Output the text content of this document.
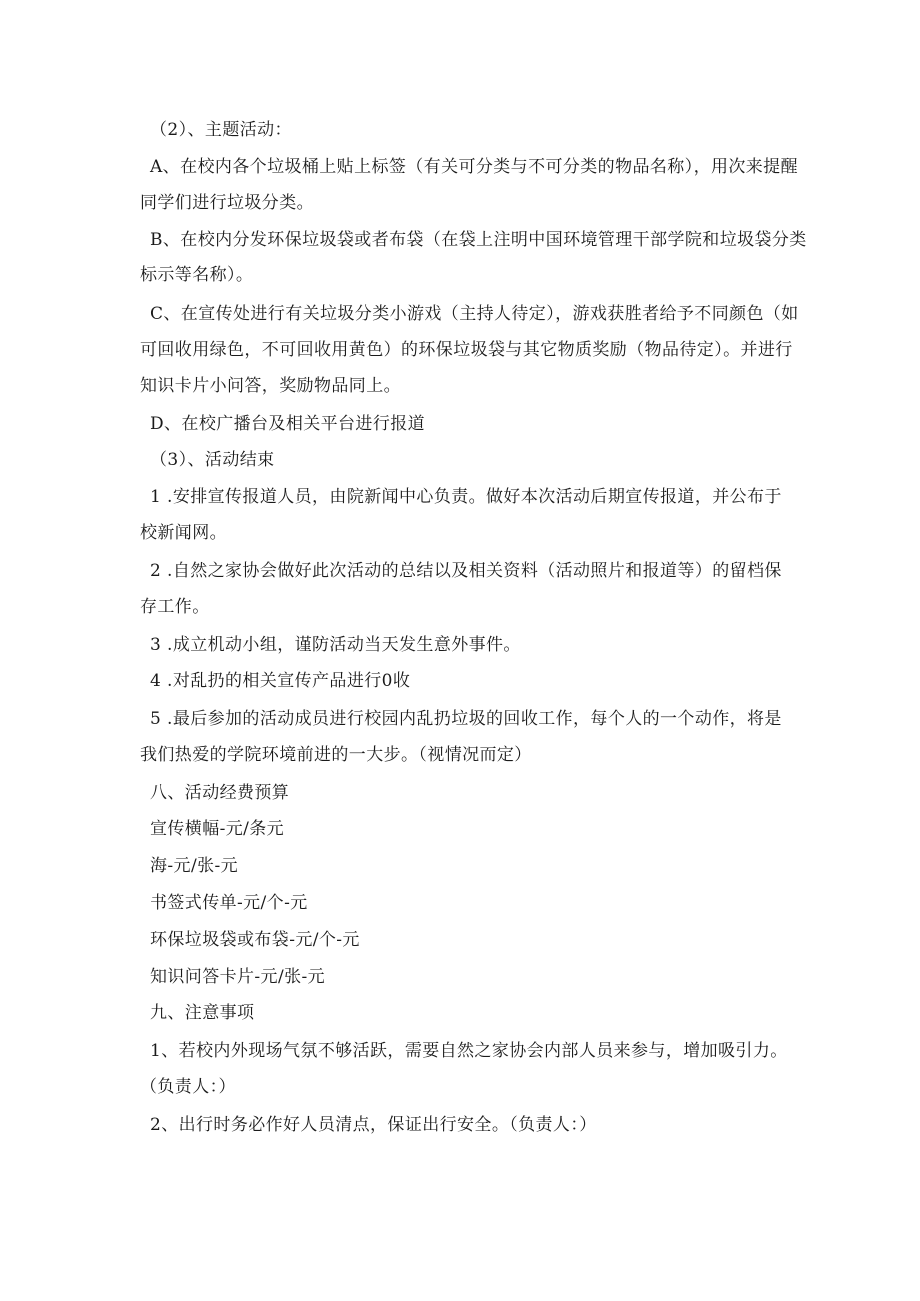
（2）、主题活动：
A、在校内各个垃圾桶上贴上标签（有关可分类与不可分类的物品名称），用次来提醒
同学们进行垃圾分类。
B、在校内分发环保垃圾袋或者布袋（在袋上注明中国环境管理干部学院和垃圾袋分类
标示等名称）。
C、在宣传处进行有关垃圾分类小游戏（主持人待定），游戏获胜者给予不同颜色（如
可回收用绿色，不可回收用黄色）的环保垃圾袋与其它物质奖励（物品待定）。并进行
知识卡片小问答，奖励物品同上。
D、在校广播台及相关平台进行报道
（3）、活动结束
1 .安排宣传报道人员，由院新闻中心负责。做好本次活动后期宣传报道，并公布于
校新闻网。
2 .自然之家协会做好此次活动的总结以及相关资料（活动照片和报道等）的留档保
存工作。
3 .成立机动小组，谨防活动当天发生意外事件。
4 .对乱扔的相关宣传产品进行0收
5 .最后参加的活动成员进行校园内乱扔垃圾的回收工作，每个人的一个动作，将是
我们热爱的学院环境前进的一大步。（视情况而定）
八、活动经费预算
宣传横幅-元/条元
海-元/张-元
书签式传单-元/个-元
环保垃圾袋或布袋-元/个-元
知识问答卡片-元/张-元
九、注意事项
1、若校内外现场气氛不够活跃，需要自然之家协会内部人员来参与，增加吸引力。
（负责人：）
2、出行时务必作好人员清点，保证出行安全。（负责人：）
